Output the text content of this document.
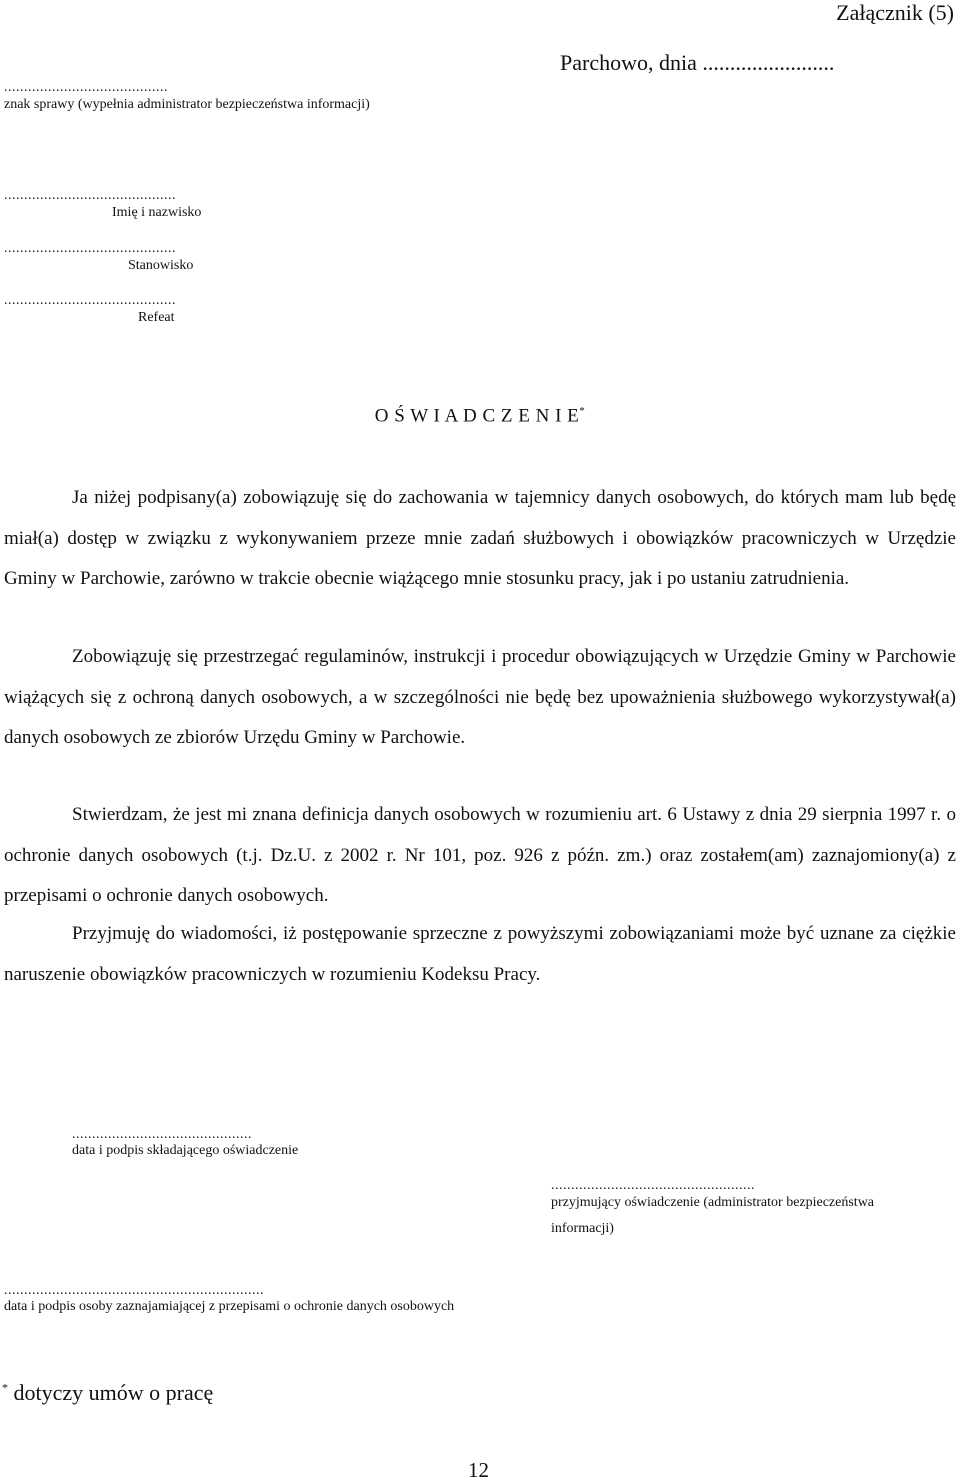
Załącznik (5)
Parchowo, dnia ........................
.........................................
znak sprawy (wypełnia administrator bezpieczeństwa informacji)
...........................................
Imię i nazwisko
...........................................
Stanowisko
...........................................
Refeat
O Ś W I A D C Z E N I E*
Ja niżej podpisany(a) zobowiązuję się do zachowania w tajemnicy danych osobowych, do których mam lub będę miał(a) dostęp w związku z wykonywaniem przeze mnie zadań służbowych i obowiązków pracowniczych w Urzędzie Gminy w Parchowie, zarówno w trakcie obecnie wiążącego mnie stosunku pracy, jak i po ustaniu zatrudnienia.
Zobowiązuję się przestrzegać regulaminów, instrukcji i procedur obowiązujących w Urzędzie Gminy w Parchowie wiążących się z ochroną danych osobowych, a w szczególności nie będę bez upoważnienia służbowego wykorzystywał(a) danych osobowych ze zbiorów Urzędu Gminy w Parchowie.
Stwierdzam, że jest mi znana definicja danych osobowych w rozumieniu art. 6 Ustawy z dnia 29 sierpnia 1997 r. o ochronie danych osobowych (t.j. Dz.U. z 2002 r. Nr 101, poz. 926 z późn. zm.) oraz zostałem(am) zaznajomiony(a) z przepisami o ochronie danych osobowych.
Przyjmuję do wiadomości, iż postępowanie sprzeczne z powyższymi zobowiązaniami może być uznane za ciężkie naruszenie obowiązków pracowniczych w rozumieniu Kodeksu Pracy.
.............................................
data i podpis składającego oświadczenie
...................................................
przyjmujący oświadczenie (administrator bezpieczeństwa
informacji)
.................................................................
data i podpis osoby zaznajamiającej z przepisami o ochronie danych osobowych
* dotyczy umów o pracę
12
